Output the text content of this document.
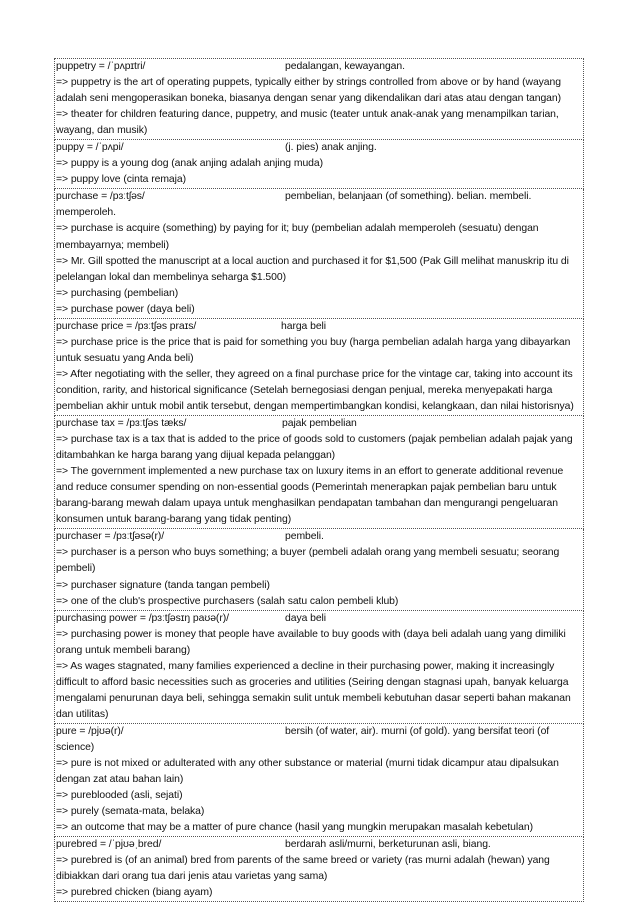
puppetry = /ˈpʌpɪtri/	pedalangan, kewayangan.
=> puppetry is the art of operating puppets, typically either by strings controlled from above or by hand (wayang adalah seni mengoperasikan boneka, biasanya dengan senar yang dikendalikan dari atas atau dengan tangan)
=> theater for children featuring dance, puppetry, and music (teater untuk anak-anak yang menampilkan tarian, wayang, dan musik)
puppy = /ˈpʌpi/	(j. pies) anak anjing.
=> puppy is a young dog (anak anjing adalah anjing muda)
=> puppy love (cinta remaja)
purchase = /pɜːtʃəs/	pembelian, belanjaan (of something). belian. membeli. memperoleh.
=> purchase is acquire (something) by paying for it; buy (pembelian adalah memperoleh (sesuatu) dengan membayarnya; membeli)
=> Mr. Gill spotted the manuscript at a local auction and purchased it for $1,500 (Pak Gill melihat manuskrip itu di pelelangan lokal dan membelinya seharga $1.500)
=> purchasing (pembelian)
=> purchase power (daya beli)
purchase price = /pɜːtʃəs praɪs/	harga beli
=> purchase price is the price that is paid for something you buy (harga pembelian adalah harga yang dibayarkan untuk sesuatu yang Anda beli)
=> After negotiating with the seller, they agreed on a final purchase price for the vintage car, taking into account its condition, rarity, and historical significance (Setelah bernegosiasi dengan penjual, mereka menyepakati harga pembelian akhir untuk mobil antik tersebut, dengan mempertimbangkan kondisi, kelangkaan, dan nilai historisnya)
purchase tax = /pɜːtʃəs tæks/	pajak pembelian
=> purchase tax is a tax that is added to the price of goods sold to customers (pajak pembelian adalah pajak yang ditambahkan ke harga barang yang dijual kepada pelanggan)
=> The government implemented a new purchase tax on luxury items in an effort to generate additional revenue and reduce consumer spending on non-essential goods (Pemerintah menerapkan pajak pembelian baru untuk barang-barang mewah dalam upaya untuk menghasilkan pendapatan tambahan dan mengurangi pengeluaran konsumen untuk barang-barang yang tidak penting)
purchaser = /pɜːtʃəsə(r)/	pembeli.
=> purchaser is a person who buys something; a buyer (pembeli adalah orang yang membeli sesuatu; seorang pembeli)
=> purchaser signature (tanda tangan pembeli)
=> one of the club's prospective purchasers (salah satu calon pembeli klub)
purchasing power = /pɜːtʃəsɪŋ paʊə(r)/	daya beli
=> purchasing power is money that people have available to buy goods with (daya beli adalah uang yang dimiliki orang untuk membeli barang)
=> As wages stagnated, many families experienced a decline in their purchasing power, making it increasingly difficult to afford basic necessities such as groceries and utilities (Seiring dengan stagnasi upah, banyak keluarga mengalami penurunan daya beli, sehingga semakin sulit untuk membeli kebutuhan dasar seperti bahan makanan dan utilitas)
pure = /pjʊə(r)/	bersih (of water, air). murni (of gold). yang bersifat teori (of science)
=> pure is not mixed or adulterated with any other substance or material (murni tidak dicampur atau dipalsukan dengan zat atau bahan lain)
=> pureblooded (asli, sejati)
=> purely (semata-mata, belaka)
=> an outcome that may be a matter of pure chance (hasil yang mungkin merupakan masalah kebetulan)
purebred = /ˈpjʊəˌbred/	berdarah asli/murni, berketurunan asli, biang.
=> purebred is (of an animal) bred from parents of the same breed or variety (ras murni adalah (hewan) yang dibiakkan dari orang tua dari jenis atau varietas yang sama)
=> purebred chicken (biang ayam)
